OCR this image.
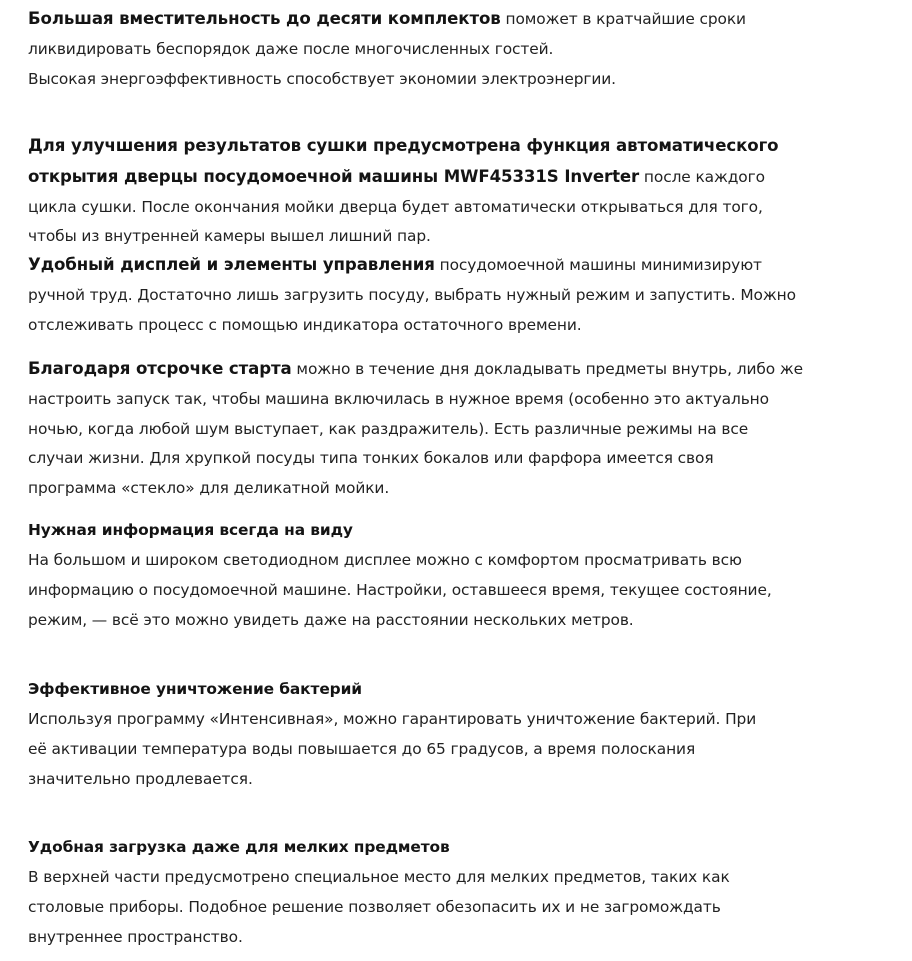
Большая вместительность до десяти комплектов поможет в кратчайшие сроки
ликвидировать беспорядок даже после многочисленных гостей.
Высокая энергоэффективность способствует экономии электроэнергии.

Для улучшения результатов сушки предусмотрена функция автоматического
открытия дверцы посудомоечной машины MWF45331S Inverter после каждого
цикла сушки. После окончания мойки дверца будет автоматически открываться для того,
чтобы из внутренней камеры вышел лишний пар.

Удобный дисплей и элементы управления посудомоечной машины минимизируют
ручной труд. Достаточно лишь загрузить посуду, выбрать нужный режим и запустить. Можно
отслеживать процесс с помощью индикатора остаточного времени.

Благодаря отсрочке старта можно в течение дня докладывать предметы внутрь, либо же
настроить запуск так, чтобы машина включилась в нужное время (особенно это актуально
ночью, когда любой шум выступает, как раздражитель). Есть различные режимы на все
случаи жизни. Для хрупкой посуды типа тонких бокалов или фарфора имеется своя
программа «стекло» для деликатной мойки.

Нужная информация всегда на виду

На большом и широком светодиодном дисплее можно с комфортом просматривать всю
информацию о посудомоечной машине. Настройки, оставшееся время, текущее состояние,
режим, — всё это можно увидеть даже на расстоянии нескольких метров.

Эффективное уничтожение бактерий

Используя программу «Интенсивная», можно гарантировать уничтожение бактерий. При
её активации температура воды повышается до 65 градусов, а время полоскания
значительно продлевается.

Удобная загрузка даже для мелких предметов

В верхней части предусмотрено специальное место для мелких предметов, таких как
столовые приборы. Подобное решение позволяет обезопасить их и не загромождать
внутреннее пространство.
